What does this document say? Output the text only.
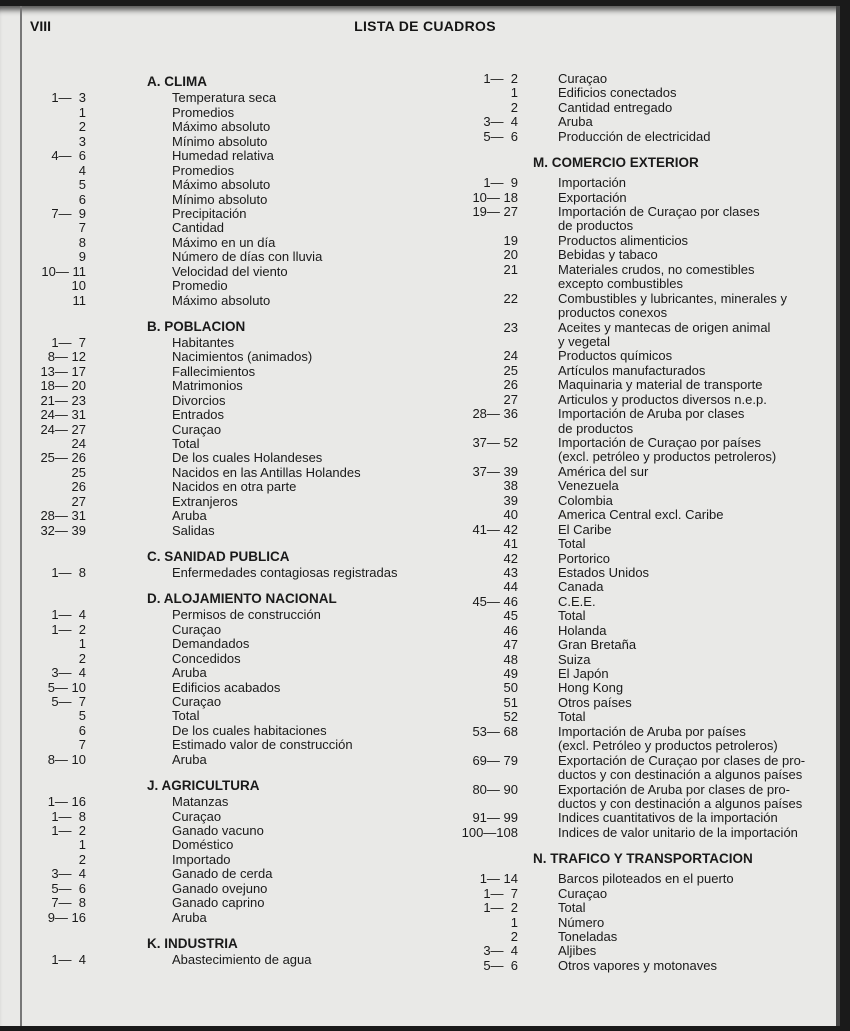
VIII	LISTA DE CUADROS
A. CLIMA
1—  3	Temperatura seca
1	Promedios
2	Máximo absoluto
3	Mínimo absoluto
4—  6	Humedad relativa
4	Promedios
5	Máximo absoluto
6	Mínimo absoluto
7—  9	Precipitación
7	Cantidad
8	Máximo en un día
9	Número de días con lluvia
10— 11	Velocidad del viento
10	Promedio
11	Máximo absoluto
B. POBLACION
1—  7	Habitantes
8— 12	Nacimientos (animados)
13— 17	Fallecimientos
18— 20	Matrimonios
21— 23	Divorcios
24— 31	Entrados
24— 27	Curaçao
24	Total
25— 26	De los cuales Holandeses
25	Nacidos en las Antillas Holandes
26	Nacidos en otra parte
27	Extranjeros
28— 31	Aruba
32— 39	Salidas
C. SANIDAD PUBLICA
1—  8	Enfermedades contagiosas registradas
D. ALOJAMIENTO NACIONAL
1—  4	Permisos de construcción
1—  2	Curaçao
1	Demandados
2	Concedidos
3—  4	Aruba
5— 10	Edificios acabados
5—  7	Curaçao
5	Total
6	De los cuales habitaciones
7	Estimado valor de construcción
8— 10	Aruba
J. AGRICULTURA
1— 16	Matanzas
1—  8	Curaçao
1—  2	Ganado vacuno
1	Doméstico
2	Importado
3—  4	Ganado de cerda
5—  6	Ganado ovejuno
7—  8	Ganado caprino
9— 16	Aruba
K. INDUSTRIA
1—  4	Abastecimiento de agua
1—  2	Curaçao
1	Edificios conectados
2	Cantidad entregado
3—  4	Aruba
5—  6	Producción de electricidad
M. COMERCIO EXTERIOR
1—  9	Importación
10— 18	Exportación
19— 27	Importación de Curaçao por clases
de productos
19	Productos alimenticios
20	Bebidas y tabaco
21	Materiales crudos, no comestibles
excepto combustibles
22	Combustibles y lubricantes, minerales y
productos conexos
23	Aceites y mantecas de origen animal
y vegetal
24	Productos químicos
25	Artículos manufacturados
26	Maquinaria y material de transporte
27	Articulos y productos diversos n.e.p.
28— 36	Importación de Aruba por clases
de productos
37— 52	Importación de Curaçao por países
(excl. petróleo y productos petroleros)
37— 39	América del sur
38	Venezuela
39	Colombia
40	America Central excl. Caribe
41— 42	El Caribe
41	Total
42	Portorico
43	Estados Unidos
44	Canada
45— 46	C.E.E.
45	Total
46	Holanda
47	Gran Bretaña
48	Suiza
49	El Japón
50	Hong Kong
51	Otros países
52	Total
53— 68	Importación de Aruba por países
(excl. Petróleo y productos petroleros)
69— 79	Exportación de Curaçao por clases de pro-
ductos y con destinación a algunos países
80— 90	Exportación de Aruba por clases de pro-
ductos y con destinación a algunos países
91— 99	Indices cuantitativos de la importación
100—108	Indices de valor unitario de la importación
N. TRAFICO Y TRANSPORTACION
1— 14	Barcos piloteados en el puerto
1—  7	Curaçao
1—  2	Total
1	Número
2	Toneladas
3—  4	Aljibes
5—  6	Otros vapores y motonaves
